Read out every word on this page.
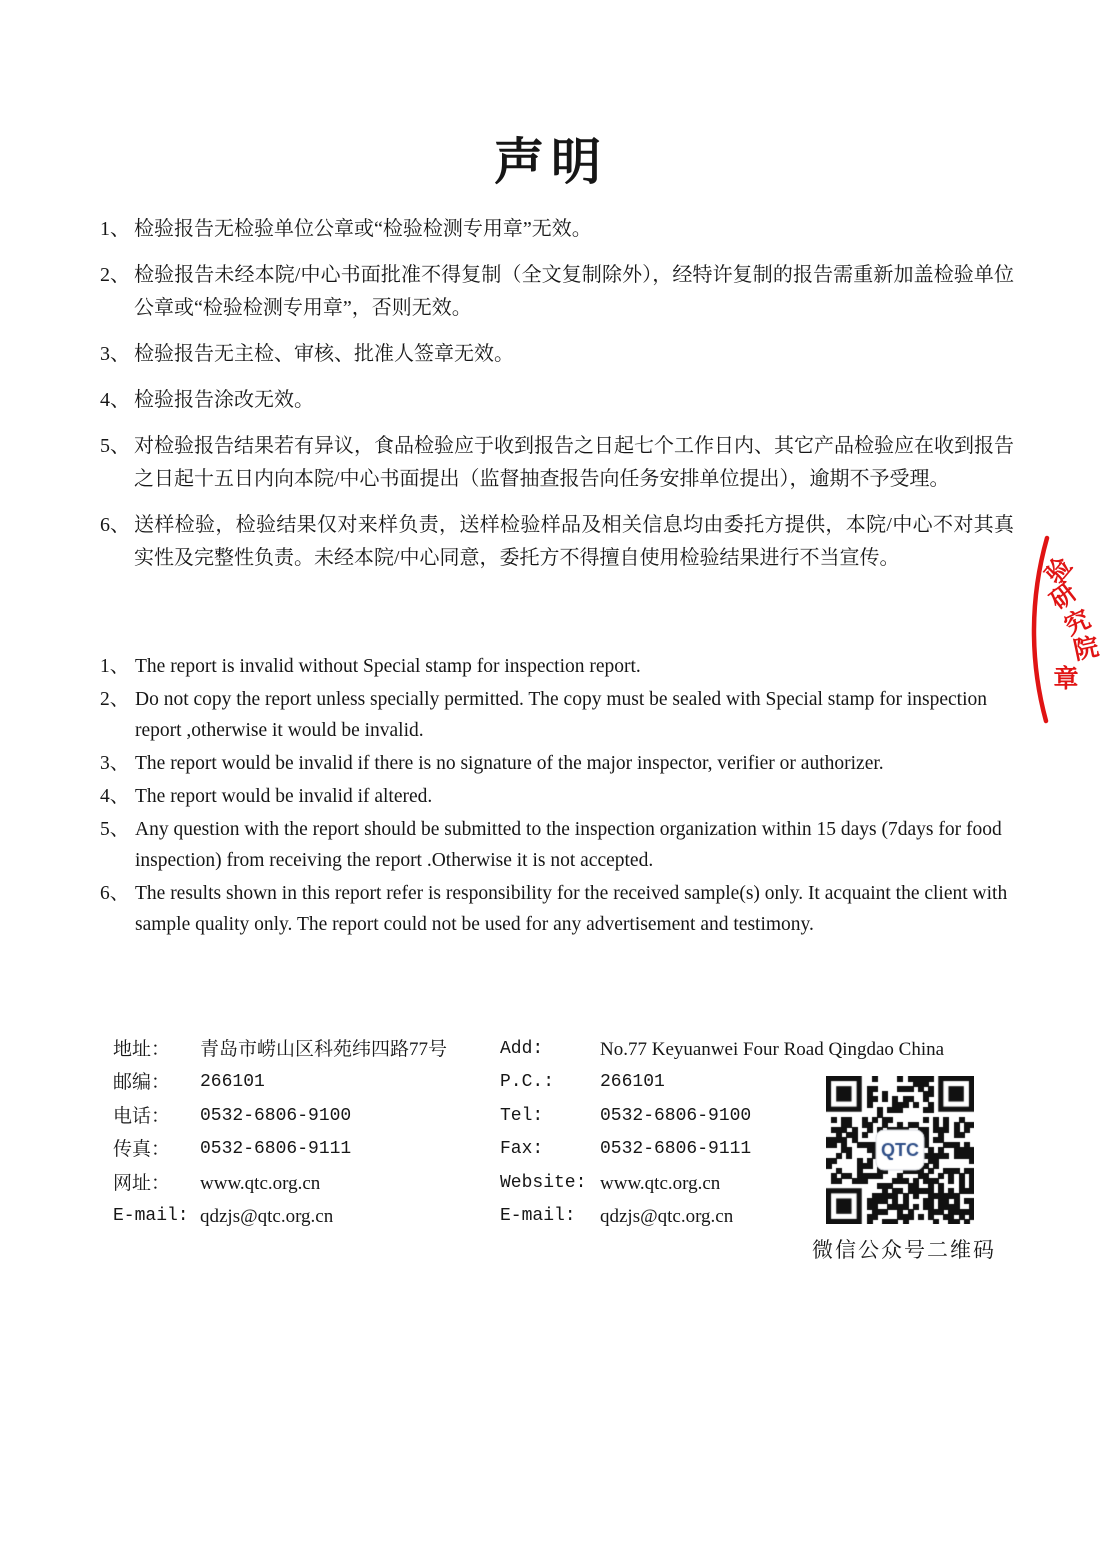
声明
1、 检验报告无检验单位公章或“检验检测专用章”无效。
2、 检验报告未经本院/中心书面批准不得复制（全文复制除外），经特许复制的报告需重新加盖检验单位公章或“检验检测专用章”，否则无效。
3、 检验报告无主检、审核、批准人签章无效。
4、 检验报告涂改无效。
5、 对检验报告结果若有异议，食品检验应于收到报告之日起七个工作日内、其它产品检验应在收到报告之日起十五日内向本院/中心书面提出（监督抽查报告向任务安排单位提出），逾期不予受理。
6、 送样检验，检验结果仅对来样负责，送样检验样品及相关信息均由委托方提供，本院/中心不对其真实性及完整性负责。未经本院/中心同意，委托方不得擅自使用检验结果进行不当宣传。
1、 The report is invalid without Special stamp for inspection report.
2、 Do not copy the report unless specially permitted. The copy must be sealed with Special stamp for inspection report ,otherwise it would be invalid.
3、 The report would be invalid if there is no signature of the major inspector, verifier or authorizer.
4、 The report would be invalid if altered.
5、 Any question with the report should be submitted to the inspection organization within 15 days (7days for food inspection) from receiving the report .Otherwise it is not accepted.
6、 The results shown in this report refer is responsibility for the received sample(s) only. It acquaint the client with sample quality only. The report could not be used for any advertisement and testimony.
地址：	青岛市崂山区科苑纬四路77号
邮编：	266101
电话：	0532-6806-9100
传真：	0532-6806-9111
网址：	www.qtc.org.cn
E-mail: qdzjs@qtc.org.cn
Add:	No.77 Keyuanwei Four Road Qingdao China
P.C.:	266101
Tel:	0532-6806-9100
Fax:	0532-6806-9111
Website: www.qtc.org.cn
E-mail:	qdzjs@qtc.org.cn
微信公众号二维码
验
研
究
院
章
